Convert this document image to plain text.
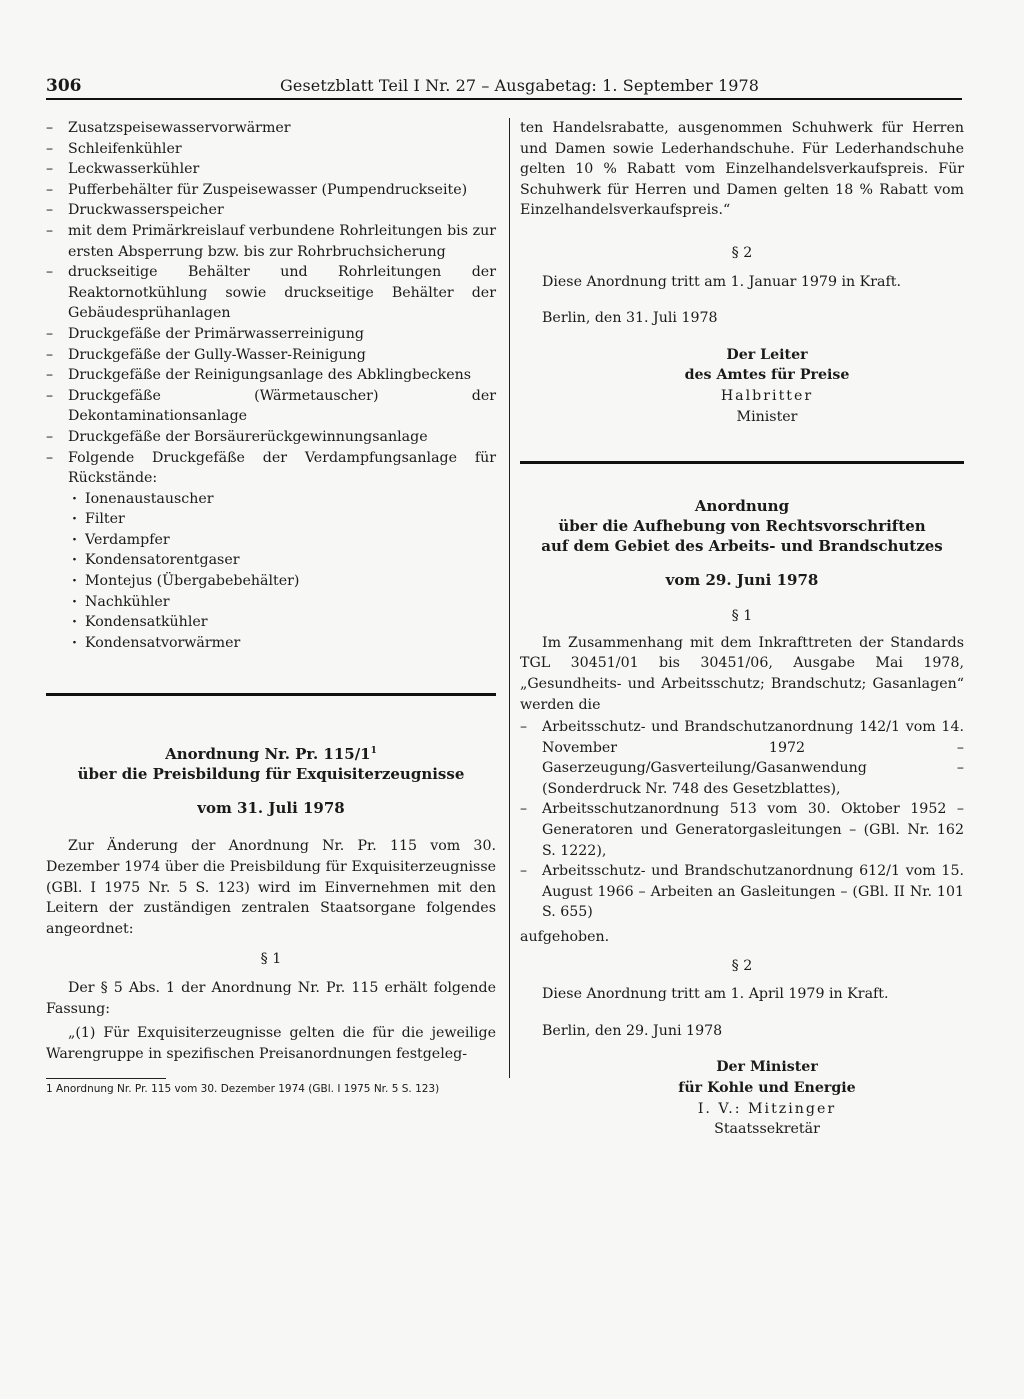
306	Gesetzblatt Teil I Nr. 27 – Ausgabetag: 1. September 1978
– Zusatzspeisewasservorwärmer
– Schleifenkühler
– Leckwasserkühler
– Pufferbehälter für Zuspeisewasser (Pumpendruckseite)
– Druckwasserspeicher
– mit dem Primärkreislauf verbundene Rohrleitungen bis zur ersten Absperrung bzw. bis zur Rohrbruchsicherung
– druckseitige Behälter und Rohrleitungen der Reaktornotkühlung sowie druckseitige Behälter der Gebäudesprühanlagen
– Druckgefäße der Primärwasserreinigung
– Druckgefäße der Gully-Wasser-Reinigung
– Druckgefäße der Reinigungsanlage des Abklingbeckens
– Druckgefäße (Wärmetauscher) der Dekontaminationsanlage
– Druckgefäße der Borsäurerückgewinnungsanlage
– Folgende Druckgefäße der Verdampfungsanlage für Rückstände:
· Ionenaustauscher
· Filter
· Verdampfer
· Kondensatorentgaser
· Montejus (Übergabebehälter)
· Nachkühler
· Kondensatkühler
· Kondensatvorwärmer

Anordnung Nr. Pr. $115/1^1$

über die Preisbildung für Exquisiterzeugnisse

vom 31. Juli 1978

Zur Änderung der Anordnung Nr. Pr. 115 vom 30. Dezember 1974 über die Preisbildung für Exquisiterzeugnisse (GBl. I 1975 Nr. 5 S. 123) wird im Einvernehmen mit den Leitern der zuständigen zentralen Staatsorgane folgendes angeordnet:

§ 1

Der § 5 Abs. 1 der Anordnung Nr. Pr. 115 erhält folgende Fassung:

„(1) Für Exquisiterzeugnisse gelten die für die jeweilige Warengruppe in spezifischen Preisanordnungen festgeleg-

1 Anordnung Nr. Pr. 115 vom 30. Dezember 1974 (GBl. I 1975 Nr. 5 S. 123)

ten Handelsrabatte, ausgenommen Schuhwerk für Herren und Damen sowie Lederhandschuhe. Für Lederhandschuhe gelten 10 % Rabatt vom Einzelhandelsverkaufspreis. Für Schuhwerk für Herren und Damen gelten 18 % Rabatt vom Einzelhandelsverkaufspreis.“

§ 2

Diese Anordnung tritt am 1. Januar 1979 in Kraft.

Berlin, den 31. Juli 1978

Der Leiter

des Amtes für Preise

Halbritter

Minister

Anordnung

über die Aufhebung von Rechtsvorschriften

auf dem Gebiet des Arbeits- und Brandschutzes

vom 29. Juni 1978

§ 1

Im Zusammenhang mit dem Inkrafttreten der Standards TGL 30451/01 bis 30451/06, Ausgabe Mai 1978, „Gesundheits- und Arbeitsschutz; Brandschutz; Gasanlagen“ werden die

– Arbeitsschutz- und Brandschutzanordnung 142/1 vom 14. November 1972 – Gaserzeugung/Gasverteilung/Gasanwendung – (Sonderdruck Nr. 748 des Gesetzblattes),
– Arbeitsschutzanordnung 513 vom 30. Oktober 1952 – Generatoren und Generatorgasleitungen – (GBl. Nr. 162 S. 1222),
– Arbeitsschutz- und Brandschutzanordnung 612/1 vom 15. August 1966 – Arbeiten an Gasleitungen – (GBl. II Nr. 101 S. 655)

aufgehoben.

§ 2

Diese Anordnung tritt am 1. April 1979 in Kraft.

Berlin, den 29. Juni 1978

Der Minister

für Kohle und Energie

I. V.: Mitzinger

Staatssekretär
